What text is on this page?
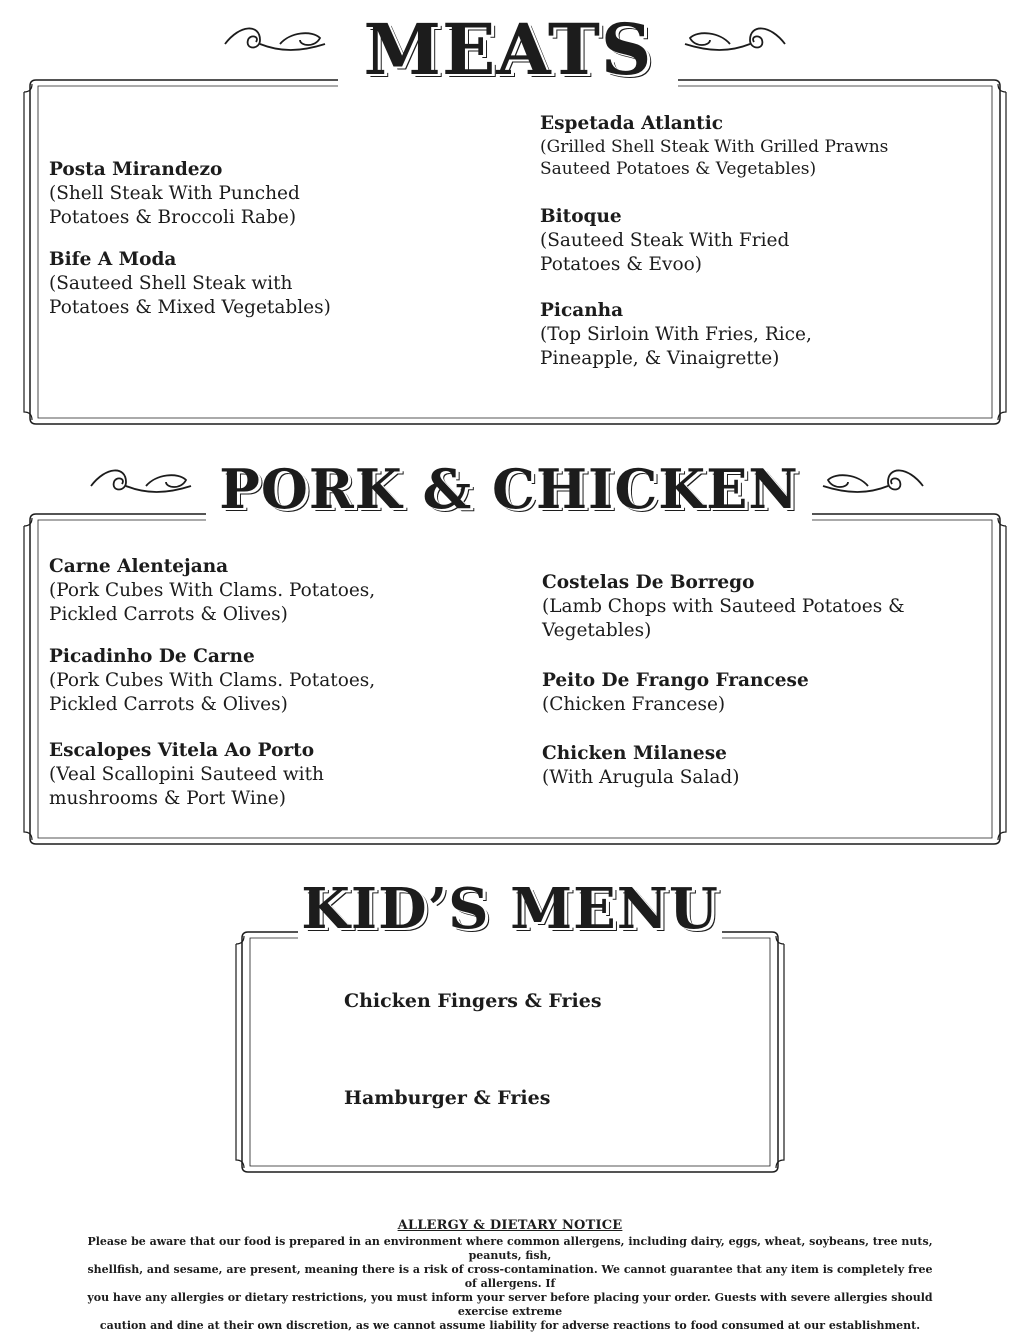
MEATS
Posta Mirandezo
(Shell Steak With Punched Potatoes & Broccoli Rabe)
Bife A Moda
(Sauteed Shell Steak with Potatoes & Mixed Vegetables)
Espetada Atlantic
(Grilled Shell Steak With Grilled Prawns Sauteed Potatoes & Vegetables)
Bitoque
(Sauteed Steak With Fried Potatoes & Evoo)
Picanha
(Top Sirloin With Fries, Rice, Pineapple, & Vinaigrette)
PORK & CHICKEN
Carne Alentejana
(Pork Cubes With Clams. Potatoes, Pickled Carrots & Olives)
Picadinho De Carne
(Pork Cubes With Clams. Potatoes, Pickled Carrots & Olives)
Escalopes Vitela Ao Porto
(Veal Scallopini Sauteed with mushrooms & Port Wine)
Costelas De Borrego
(Lamb Chops with Sauteed Potatoes & Vegetables)
Peito De Frango Francese
(Chicken Francese)
Chicken Milanese
(With Arugula Salad)
KID’S MENU
Chicken Fingers & Fries
Hamburger & Fries
ALLERGY & DIETARY NOTICE
Please be aware that our food is prepared in an environment where common allergens, including dairy, eggs, wheat, soybeans, tree nuts, peanuts, fish,
shellfish, and sesame, are present, meaning there is a risk of cross-contamination. We cannot guarantee that any item is completely free of allergens. If
you have any allergies or dietary restrictions, you must inform your server before placing your order. Guests with severe allergies should exercise extreme
caution and dine at their own discretion, as we cannot assume liability for adverse reactions to food consumed at our establishment.
